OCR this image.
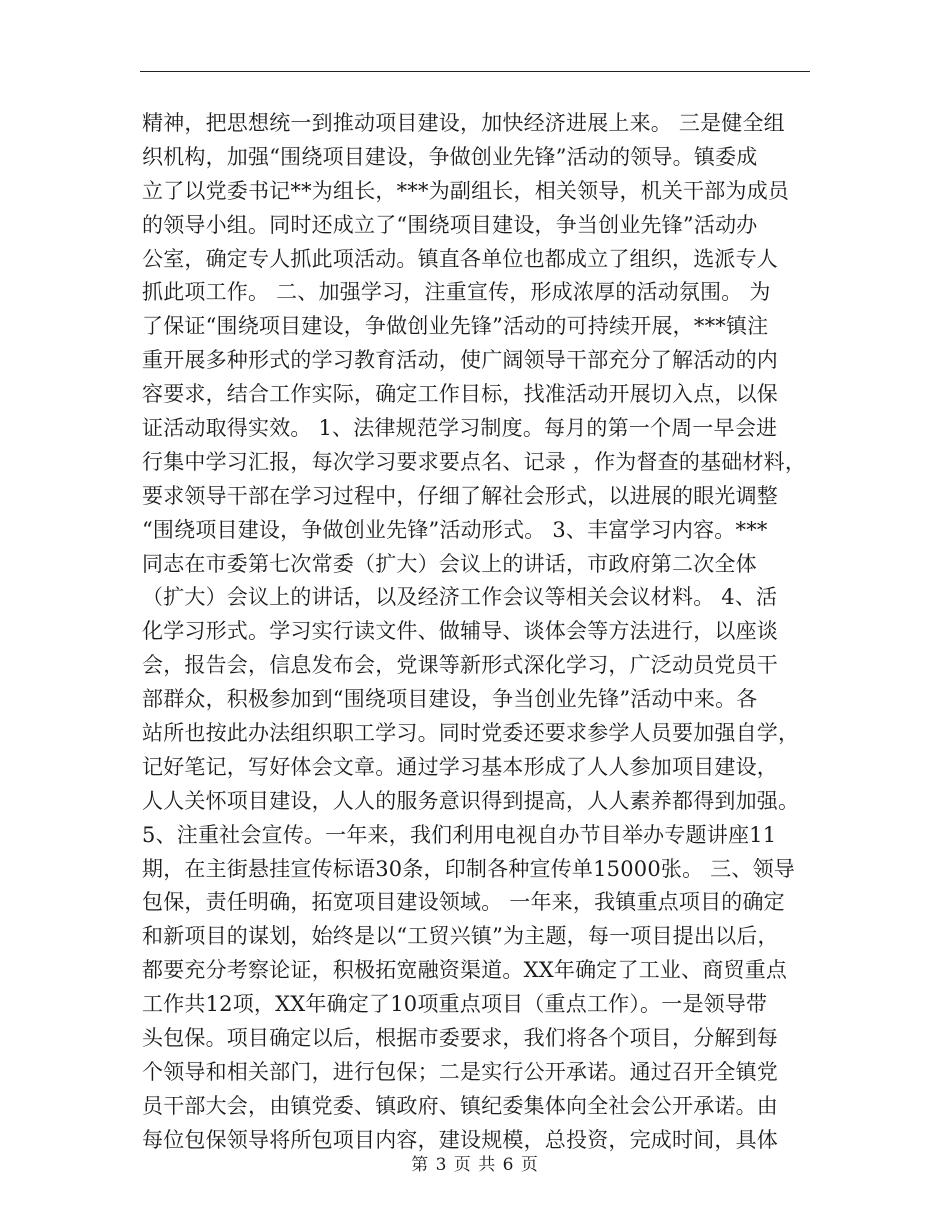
精神，把思想统一到推动项目建设，加快经济进展上来。 三是健全组
织机构，加强“围绕项目建设，争做创业先锋”活动的领导。镇委成
立了以党委书记**为组长，***为副组长，相关领导，机关干部为成员
的领导小组。同时还成立了“围绕项目建设，争当创业先锋”活动办
公室，确定专人抓此项活动。镇直各单位也都成立了组织，选派专人
抓此项工作。 二、加强学习，注重宣传，形成浓厚的活动氛围。 为
了保证“围绕项目建设，争做创业先锋”活动的可持续开展，***镇注
重开展多种形式的学习教育活动，使广阔领导干部充分了解活动的内
容要求，结合工作实际，确定工作目标，找准活动开展切入点，以保
证活动取得实效。 1、法律规范学习制度。每月的第一个周一早会进
行集中学习汇报，每次学习要求要点名、记录 ，作为督查的基础材料，
要求领导干部在学习过程中，仔细了解社会形式，以进展的眼光调整
“围绕项目建设，争做创业先锋”活动形式。 3、丰富学习内容。***
同志在市委第七次常委（扩大）会议上的讲话，市政府第二次全体
（扩大）会议上的讲话，以及经济工作会议等相关会议材料。 4、活
化学习形式。学习实行读文件、做辅导、谈体会等方法进行，以座谈
会，报告会，信息发布会，党课等新形式深化学习，广泛动员党员干
部群众，积极参加到“围绕项目建设，争当创业先锋”活动中来。各
站所也按此办法组织职工学习。同时党委还要求参学人员要加强自学，
记好笔记，写好体会文章。通过学习基本形成了人人参加项目建设，
人人关怀项目建设，人人的服务意识得到提高，人人素养都得到加强。
5、注重社会宣传。一年来，我们利用电视自办节目举办专题讲座11
期，在主街悬挂宣传标语30条，印制各种宣传单15000张。 三、领导
包保，责任明确，拓宽项目建设领域。 一年来，我镇重点项目的确定
和新项目的谋划，始终是以“工贸兴镇”为主题，每一项目提出以后，
都要充分考察论证，积极拓宽融资渠道。XX年确定了工业、商贸重点
工作共12项，XX年确定了10项重点项目（重点工作）。一是领导带
头包保。项目确定以后，根据市委要求，我们将各个项目，分解到每
个领导和相关部门，进行包保；二是实行公开承诺。通过召开全镇党
员干部大会，由镇党委、镇政府、镇纪委集体向全社会公开承诺。由
每位包保领导将所包项目内容，建设规模，总投资，完成时间，具体
第 3 页 共 6 页
